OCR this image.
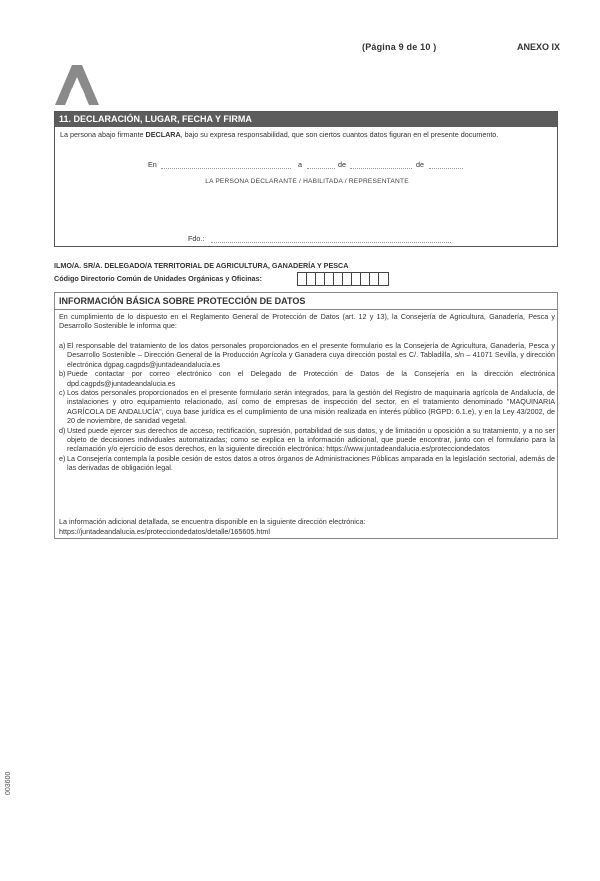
(Página 9 de 10 )	ANEXO IX
11. DECLARACIÓN, LUGAR, FECHA Y FIRMA
La persona abajo firmante DECLARA, bajo su expresa responsabilidad, que son ciertos cuantos datos figuran en el presente documento.
En	a	de	de
LA PERSONA DECLARANTE / HABILITADA / REPRESENTANTE
Fdo.:
ILMO/A. SR/A. DELEGADO/A TERRITORIAL DE AGRICULTURA, GANADERÍA Y PESCA
Código Directorio Común de Unidades Orgánicas y Oficinas:
INFORMACIÓN BÁSICA SOBRE PROTECCIÓN DE DATOS
En cumplimiento de lo dispuesto en el Reglamento General de Protección de Datos (art. 12 y 13), la Consejería de Agricultura, Ganadería, Pesca y Desarrollo Sostenible le informa que:
a) El responsable del tratamiento de los datos personales proporcionados en el presente formulario es la Consejería de Agricultura, Ganadería, Pesca y Desarrollo Sostenible – Dirección General de la Producción Agrícola y Ganadera cuya dirección postal es C/. Tabladilla, s/n – 41071 Sevilla, y dirección electrónica dgpag.cagpds@juntadeandalucia.es
b) Puede contactar por correo electrónico con el Delegado de Protección de Datos de la Consejería en la dirección electrónica dpd.cagpds@juntadeandalucia.es
c) Los datos personales proporcionados en el presente formulario serán integrados, para la gestión del Registro de maquinaria agrícola de Andalucía, de instalaciones y otro equipamiento relacionado, así como de empresas de inspección del sector, en el tratamiento denominado "MAQUINARIA AGRÍCOLA DE ANDALUCÍA", cuya base jurídica es el cumplimiento de una misión realizada en interés público (RGPD: 6.1.e), y en la Ley 43/2002, de 20 de noviembre, de sanidad vegetal.
d) Usted puede ejercer sus derechos de acceso, rectificación, supresión, portabilidad de sus datos, y de limitación u oposición a su tratamiento, y a no ser objeto de decisiones individuales automatizadas; como se explica en la información adicional, que puede encontrar, junto con el formulario para la reclamación y/o ejercicio de esos derechos, en la siguiente dirección electrónica: https://www.juntadeandalucia.es/protecciondedatos
e) La Consejería contempla la posible cesión de estos datos a otros órganos de Administraciones Públicas amparada en la legislación sectorial, además de las derivadas de obligación legal.
La información adicional detallada, se encuentra disponible en la siguiente dirección electrónica:
https://juntadeandalucia.es/protecciondedatos/detalle/165605.html
003600
